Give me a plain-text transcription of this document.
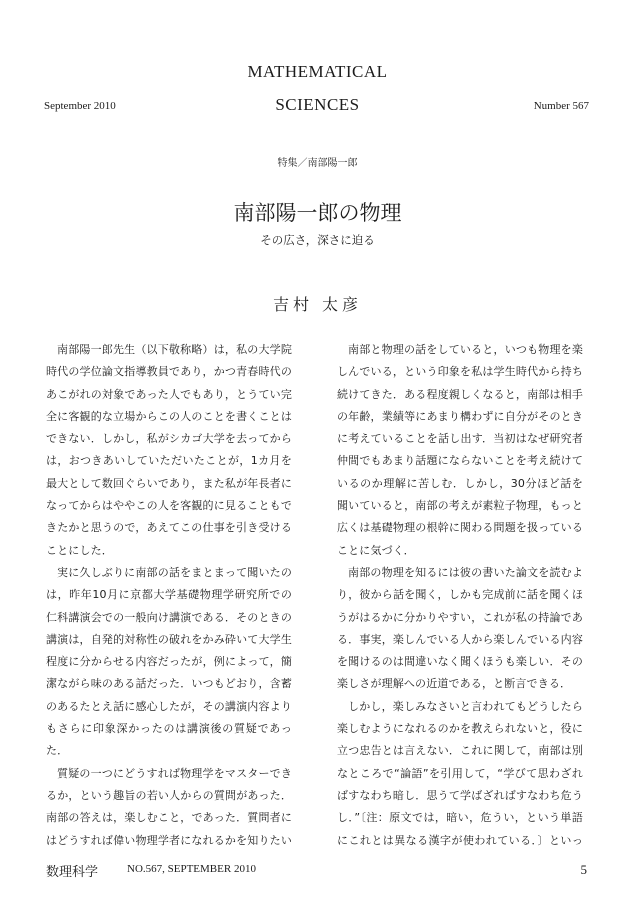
MATHEMATICAL
SCIENCES
September 2010	Number 567
特集／南部陽一郎
南部陽一郎の物理
その広さ，深さに迫る
吉村 太彦

南部陽一郎先生（以下敬称略）は，私の大学院時代の学位論文指導教員であり，かつ青春時代のあこがれの対象であった人でもあり，とうてい完全に客観的な立場からこの人のことを書くことはできない．しかし，私がシカゴ大学を去ってからは，おつきあいしていただいたことが，1カ月を最大として数回ぐらいであり，また私が年長者になってからはややこの人を客観的に見ることもできたかと思うので，あえてこの仕事を引き受けることにした．

実に久しぶりに南部の話をまとまって聞いたのは，昨年10月に京都大学基礎物理学研究所での仁科講演会での一般向け講演である．そのときの講演は，自発的対称性の破れをかみ砕いて大学生程度に分からせる内容だったが，例によって，簡潔ながら味のある話だった．いつもどおり，含蓄のあるたとえ話に感心したが，その講演内容よりもさらに印象深かったのは講演後の質疑であった．

質疑の一つにどうすれば物理学をマスターできるか，という趣旨の若い人からの質問があった．南部の答えは，楽しむこと，であった．質問者にはどうすれば偉い物理学者になれるかを知りたい

南部と物理の話をしていると，いつも物理を楽しんでいる，という印象を私は学生時代から持ち続けてきた．ある程度親しくなると，南部は相手の年齢，業績等にあまり構わずに自分がそのときに考えていることを話し出す．当初はなぜ研究者仲間でもあまり話題にならないことを考え続けているのか理解に苦しむ．しかし，30分ほど話を聞いていると，南部の考えが素粒子物理，もっと広くは基礎物理の根幹に関わる問題を扱っていることに気づく．

南部の物理を知るには彼の書いた論文を読むより，彼から話を聞く，しかも完成前に話を聞くほうがはるかに分かりやすい，これが私の持論である．事実，楽しんでいる人から楽しんでいる内容を聞けるのは間違いなく聞くほうも楽しい．その楽しさが理解への近道である，と断言できる．

しかし，楽しみなさいと言われてもどうしたら楽しむようになれるのかを教えられないと，役に立つ忠告とは言えない．これに関して，南部は別なところで“論語”を引用して，“学びて思わざればすなわち暗し．思うて学ばざればすなわち危うし．”〔注：原文では，暗い，危うい，という単語にこれとは異なる漢字が使われている．〕といっ

数理科学	NO.567, SEPTEMBER 2010	5
